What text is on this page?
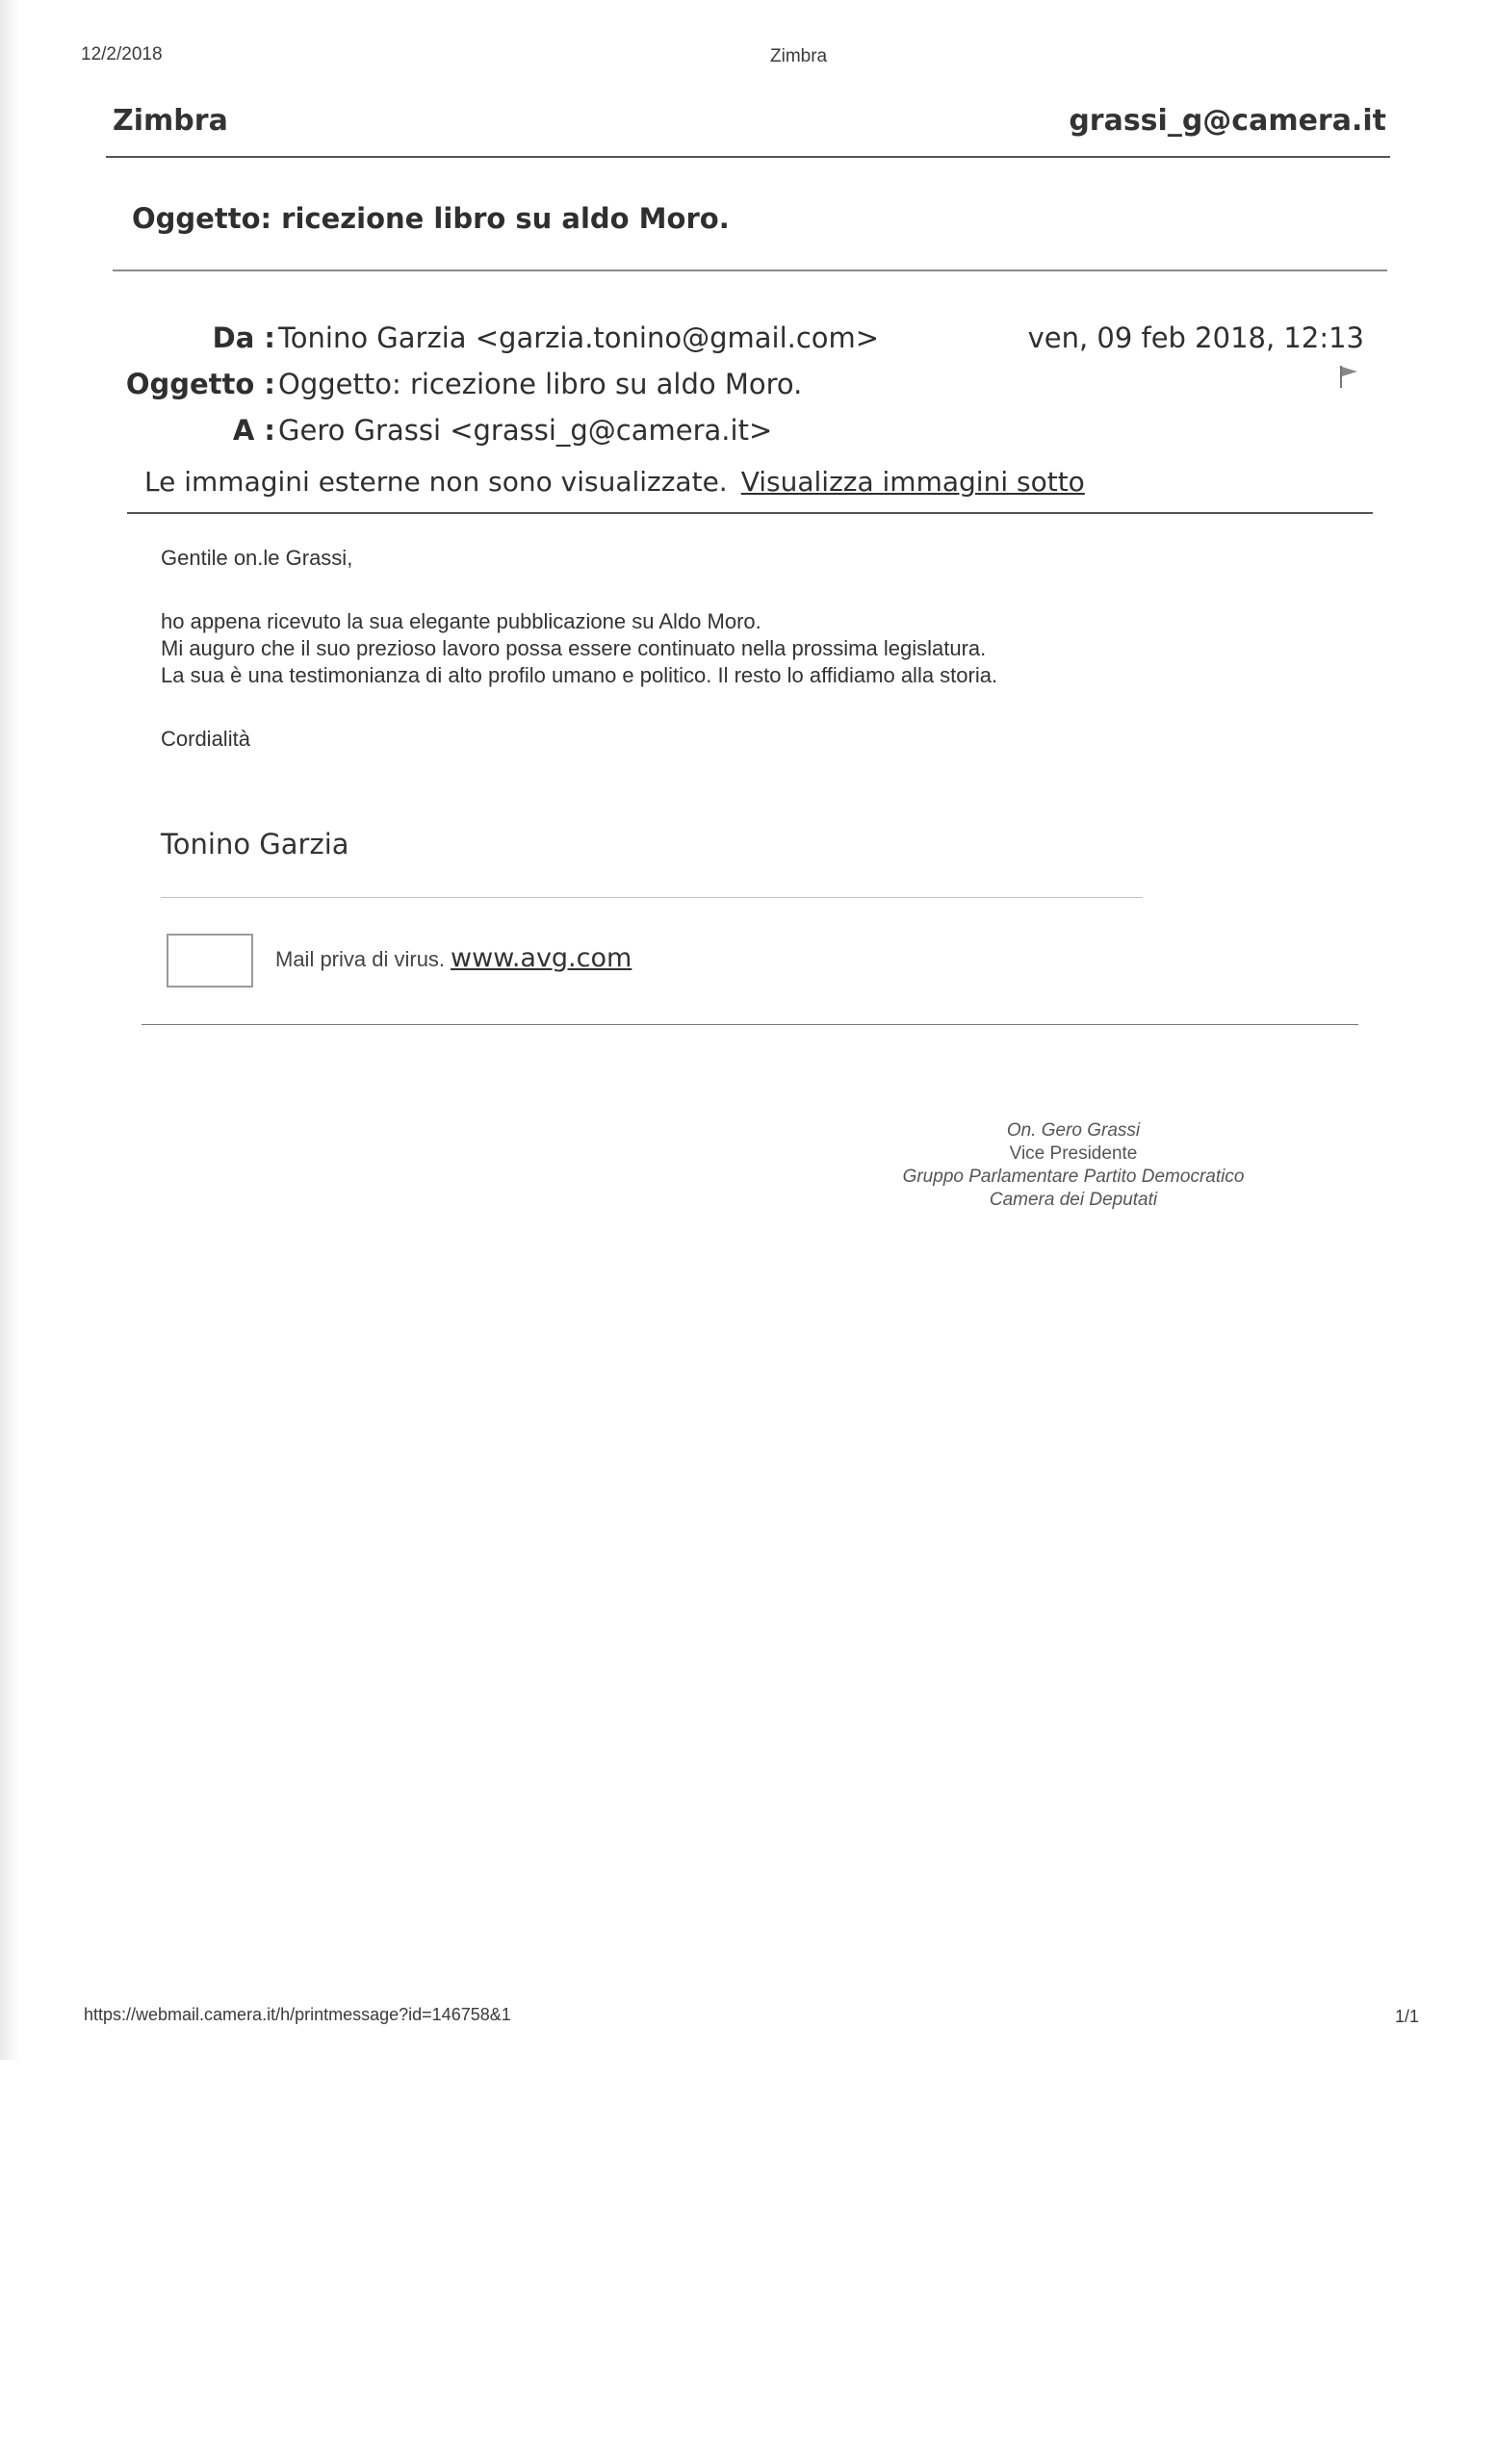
12/2/2018	Zimbra
Zimbra	grassi_g@camera.it
Oggetto: ricezione libro su aldo Moro.
Da : Tonino Garzia <garzia.tonino@gmail.com>	ven, 09 feb 2018, 12:13
Oggetto : Oggetto: ricezione libro su aldo Moro.
A : Gero Grassi <grassi_g@camera.it>
Le immagini esterne non sono visualizzate. Visualizza immagini sotto
Gentile on.le Grassi,
ho appena ricevuto la sua elegante pubblicazione su Aldo Moro.
Mi auguro che il suo prezioso lavoro possa essere continuato nella prossima legislatura.
La sua è una testimonianza di alto profilo umano e politico. Il resto lo affidiamo alla storia.
Cordialità
Tonino Garzia
Mail priva di virus. www.avg.com
On. Gero Grassi
Vice Presidente
Gruppo Parlamentare Partito Democratico
Camera dei Deputati
https://webmail.camera.it/h/printmessage?id=146758&1	1/1
